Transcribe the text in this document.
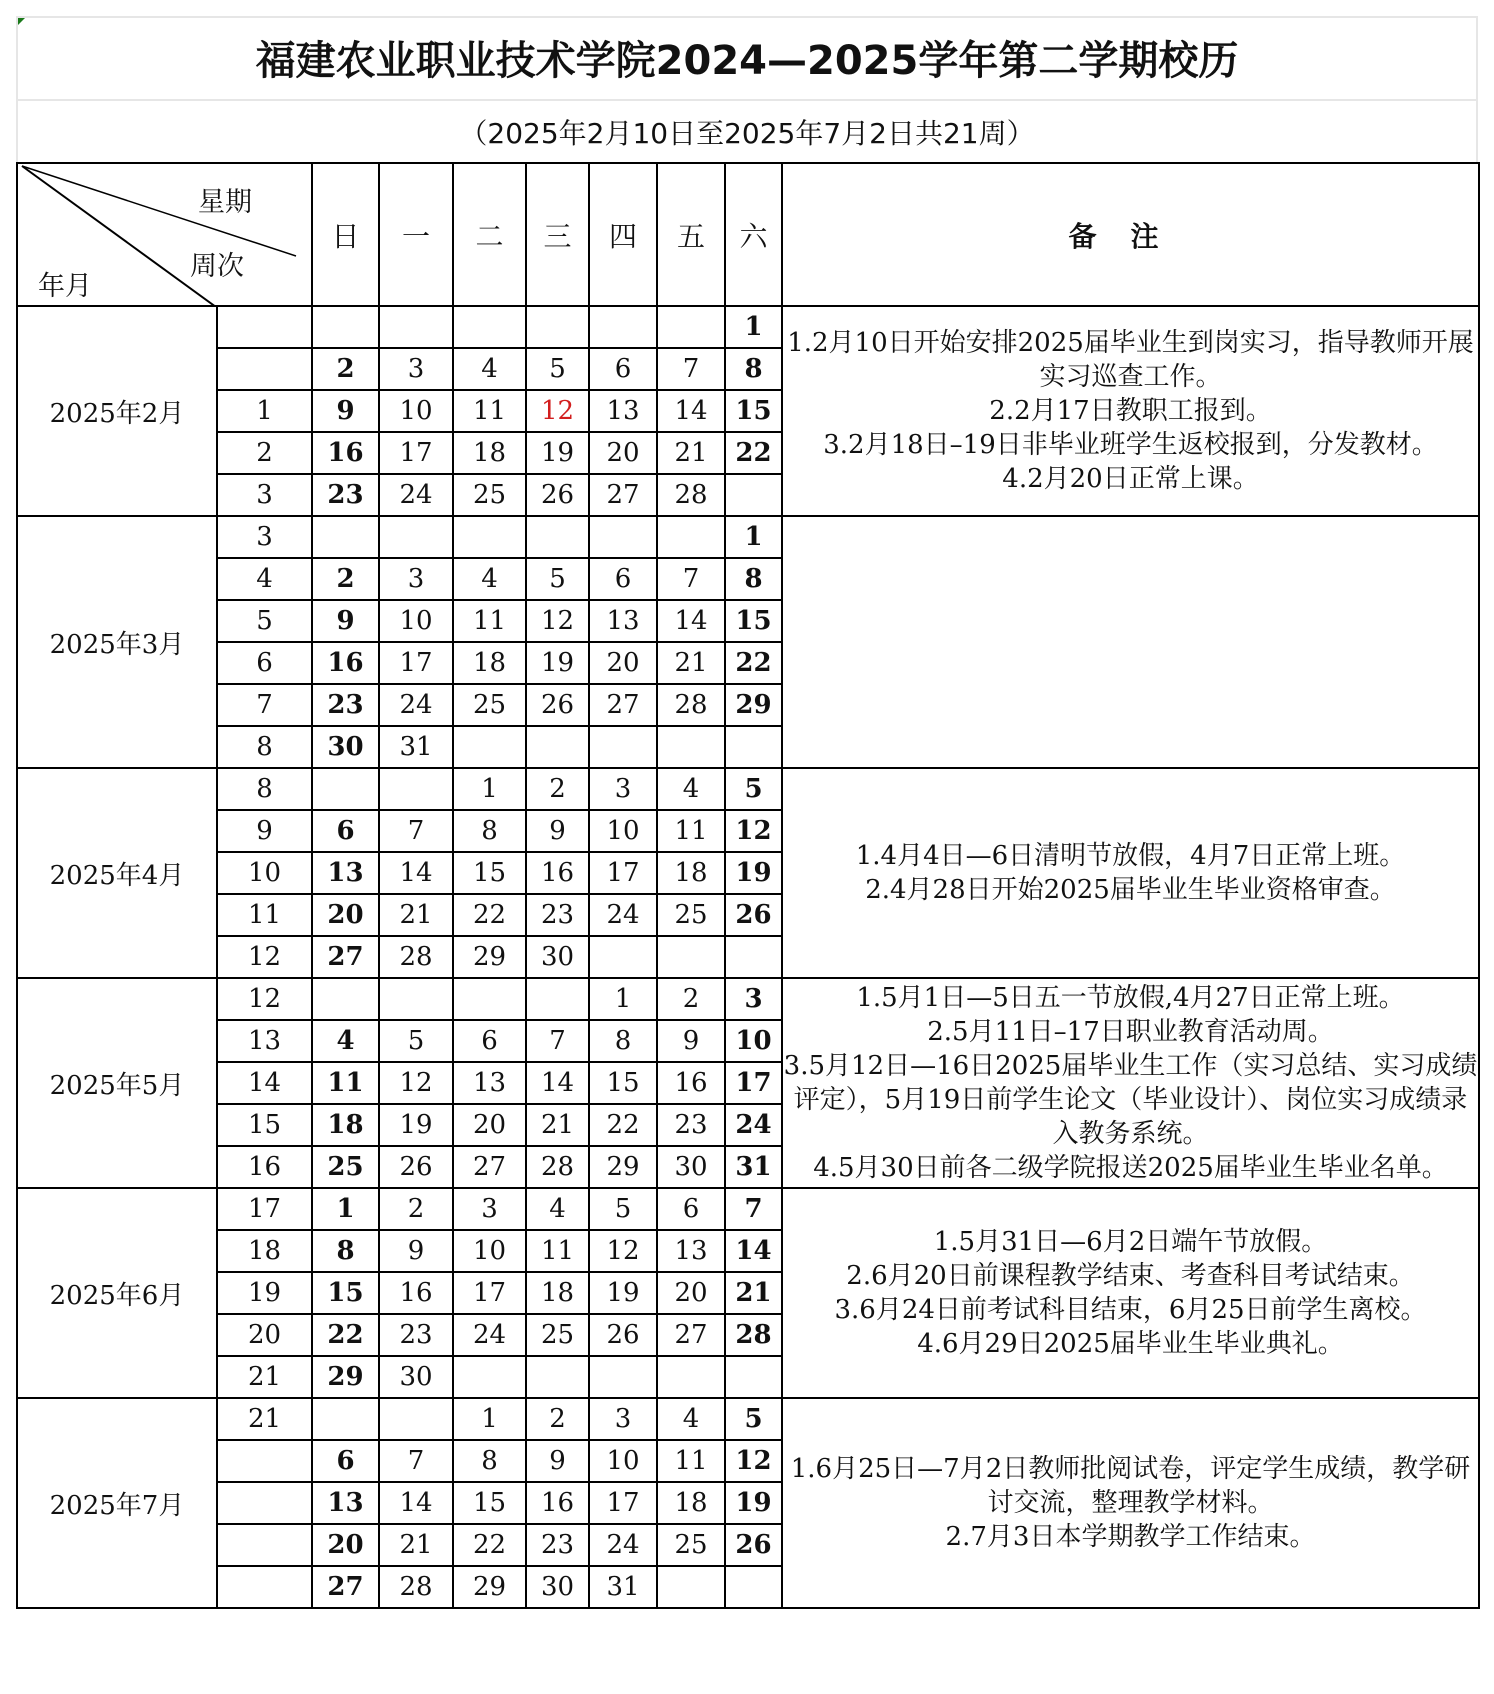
福建农业职业技术学院2024—2025学年第二学期校历
（2025年2月10日至2025年7月2日共21周）
星期
周次
年月		日	一	二	三	四	五	六	备注
2025年2月								1	1.2月10日开始安排2025届毕业生到岗实习，指导教师开展实习巡查工作。
2.2月17日教职工报到。
3.2月18日–19日非毕业班学生返校报到，分发教材。
4.2月20日正常上课。

		2	3	4	5	6	7	8	
	1	9	10	11	12	13	14	15	
	2	16	17	18	19	20	21	22	
	3	23	24	25	26	27	28		
2025年3月	3							1	
	4	2	3	4	5	6	7	8	
	5	9	10	11	12	13	14	15	
	6	16	17	18	19	20	21	22	
	7	23	24	25	26	27	28	29	
	8	30	31						
2025年4月	8			1	2	3	4	5	1.4月4日—6日清明节放假，4月7日正常上班。
2.4月28日开始2025届毕业生毕业资格审查。

	9	6	7	8	9	10	11	12	
	10	13	14	15	16	17	18	19	
	11	20	21	22	23	24	25	26	
	12	27	28	29	30				
2025年5月	12					1	2	3	1.5月1日—5日五一节放假,4月27日正常上班。
2.5月11日–17日职业教育活动周。
3.5月12日—16日2025届毕业生工作（实习总结、实习成绩评定），5月19日前学生论文（毕业设计）、岗位实习成绩录入教务系统。
4.5月30日前各二级学院报送2025届毕业生毕业名单。

	13	4	5	6	7	8	9	10	
	14	11	12	13	14	15	16	17	
	15	18	19	20	21	22	23	24	
	16	25	26	27	28	29	30	31	
2025年6月	17	1	2	3	4	5	6	7	1.5月31日—6月2日端午节放假。
2.6月20日前课程教学结束、考查科目考试结束。
3.6月24日前考试科目结束，6月25日前学生离校。
4.6月29日2025届毕业生毕业典礼。

	18	8	9	10	11	12	13	14	
	19	15	16	17	18	19	20	21	
	20	22	23	24	25	26	27	28	
	21	29	30						
2025年7月	21			1	2	3	4	5	1.6月25日—7月2日教师批阅试卷，评定学生成绩，教学研讨交流，整理教学材料。
2.7月3日本学期教学工作结束。

		6	7	8	9	10	11	12	
		13	14	15	16	17	18	19	
		20	21	22	23	24	25	26	
		27	28	29	30	31			
